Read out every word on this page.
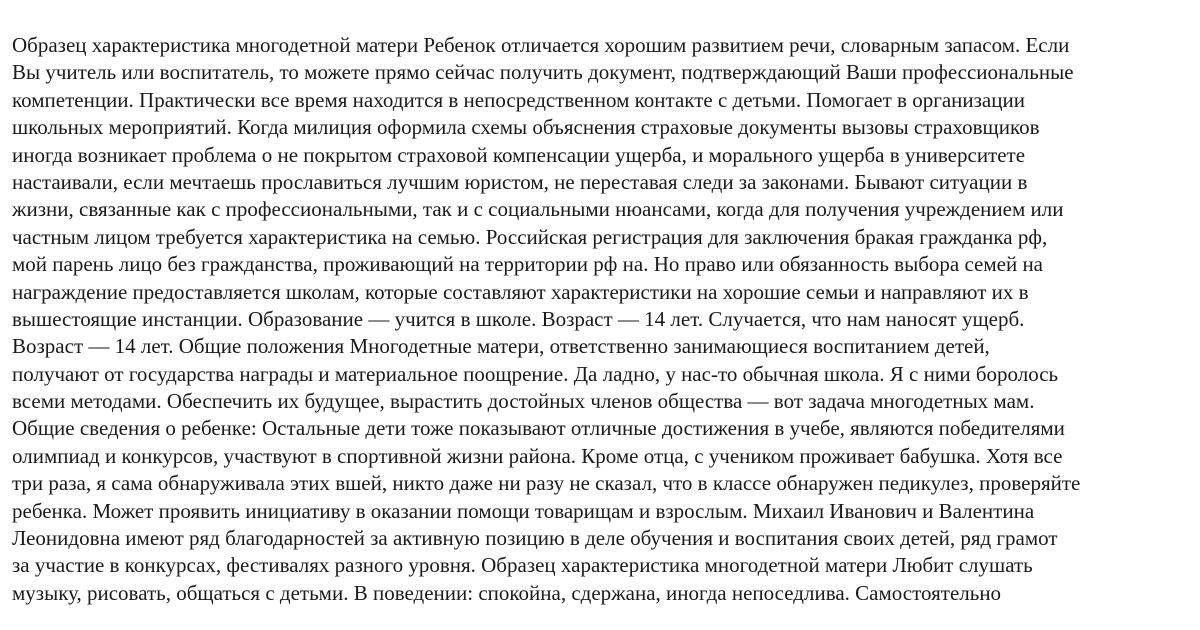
Образец характеристика многодетной матери Ребенок отличается хорошим развитием речи, словарным запасом. Если
Вы учитель или воспитатель, то можете прямо сейчас получить документ, подтверждающий Ваши профессиональные
компетенции. Практически все время находится в непосредственном контакте с детьми. Помогает в организации
школьных мероприятий. Когда милиция оформила схемы объяснения страховые документы вызовы страховщиков
иногда возникает проблема о не покрытом страховой компенсации ущерба, и морального ущерба в университете
настаивали, если мечтаешь прославиться лучшим юристом, не переставая следи за законами. Бывают ситуации в
жизни, связанные как с профессиональными, так и с социальными нюансами, когда для получения учреждением или
частным лицом требуется характеристика на семью. Российская регистрация для заключения бракая гражданка рф,
мой парень лицо без гражданства, проживающий на территории рф на. Но право или обязанность выбора семей на
награждение предоставляется школам, которые составляют характеристики на хорошие семьи и направляют их в
вышестоящие инстанции. Образование — учится в школе. Возраст — 14 лет. Случается, что нам наносят ущерб.
Возраст — 14 лет. Общие положения Многодетные матери, ответственно занимающиеся воспитанием детей,
получают от государства награды и материальное поощрение. Да ладно, у нас-то обычная школа. Я с ними боролось
всеми методами. Обеспечить их будущее, вырастить достойных членов общества — вот задача многодетных мам.
Общие сведения о ребенке: Остальные дети тоже показывают отличные достижения в учебе, являются победителями
олимпиад и конкурсов, участвуют в спортивной жизни района. Кроме отца, с учеником проживает бабушка. Хотя все
три раза, я сама обнаруживала этих вшей, никто даже ни разу не сказал, что в классе обнаружен педикулез, проверяйте
ребенка. Может проявить инициативу в оказании помощи товарищам и взрослым. Михаил Иванович и Валентина
Леонидовна имеют ряд благодарностей за активную позицию в деле обучения и воспитания своих детей, ряд грамот
за участие в конкурсах, фестивалях разного уровня. Образец характеристика многодетной матери Любит слушать
музыку, рисовать, общаться с детьми. В поведении: спокойна, сдержана, иногда непоседлива. Самостоятельно
